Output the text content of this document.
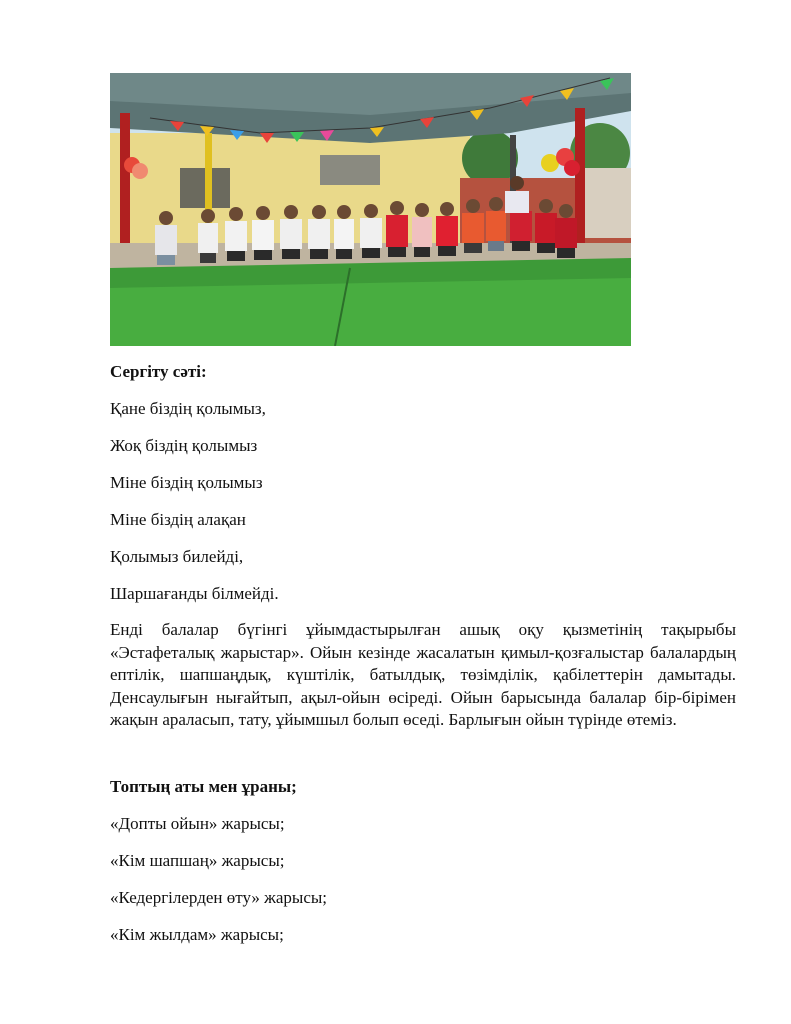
Сергіту сәті:
Қане біздің қолымыз,
Жоқ біздің қолымыз
Міне біздің қолымыз
Міне біздің алақан
Қолымыз билейді,
Шаршағанды білмейді.
Енді балалар бүгінгі ұйымдастырылған ашық оқу қызметінің тақырыбы «Эстафеталық жарыстар». Ойын кезінде жасалатын қимыл-қозғалыстар балалардың ептілік, шапшаңдық, күштілік, батылдық, төзімділік, қабілеттерін дамытады. Денсаулығын нығайтып, ақыл-ойын өсіреді. Ойын барысында балалар бір-бірімен жақын араласып, тату, ұйымшыл болып өседі. Барлығын ойын түрінде өтеміз.
Топтың аты мен ұраны;
«Допты ойын» жарысы;
«Кім шапшаң» жарысы;
«Кедергілерден өту» жарысы;
«Кім жылдам» жарысы;
